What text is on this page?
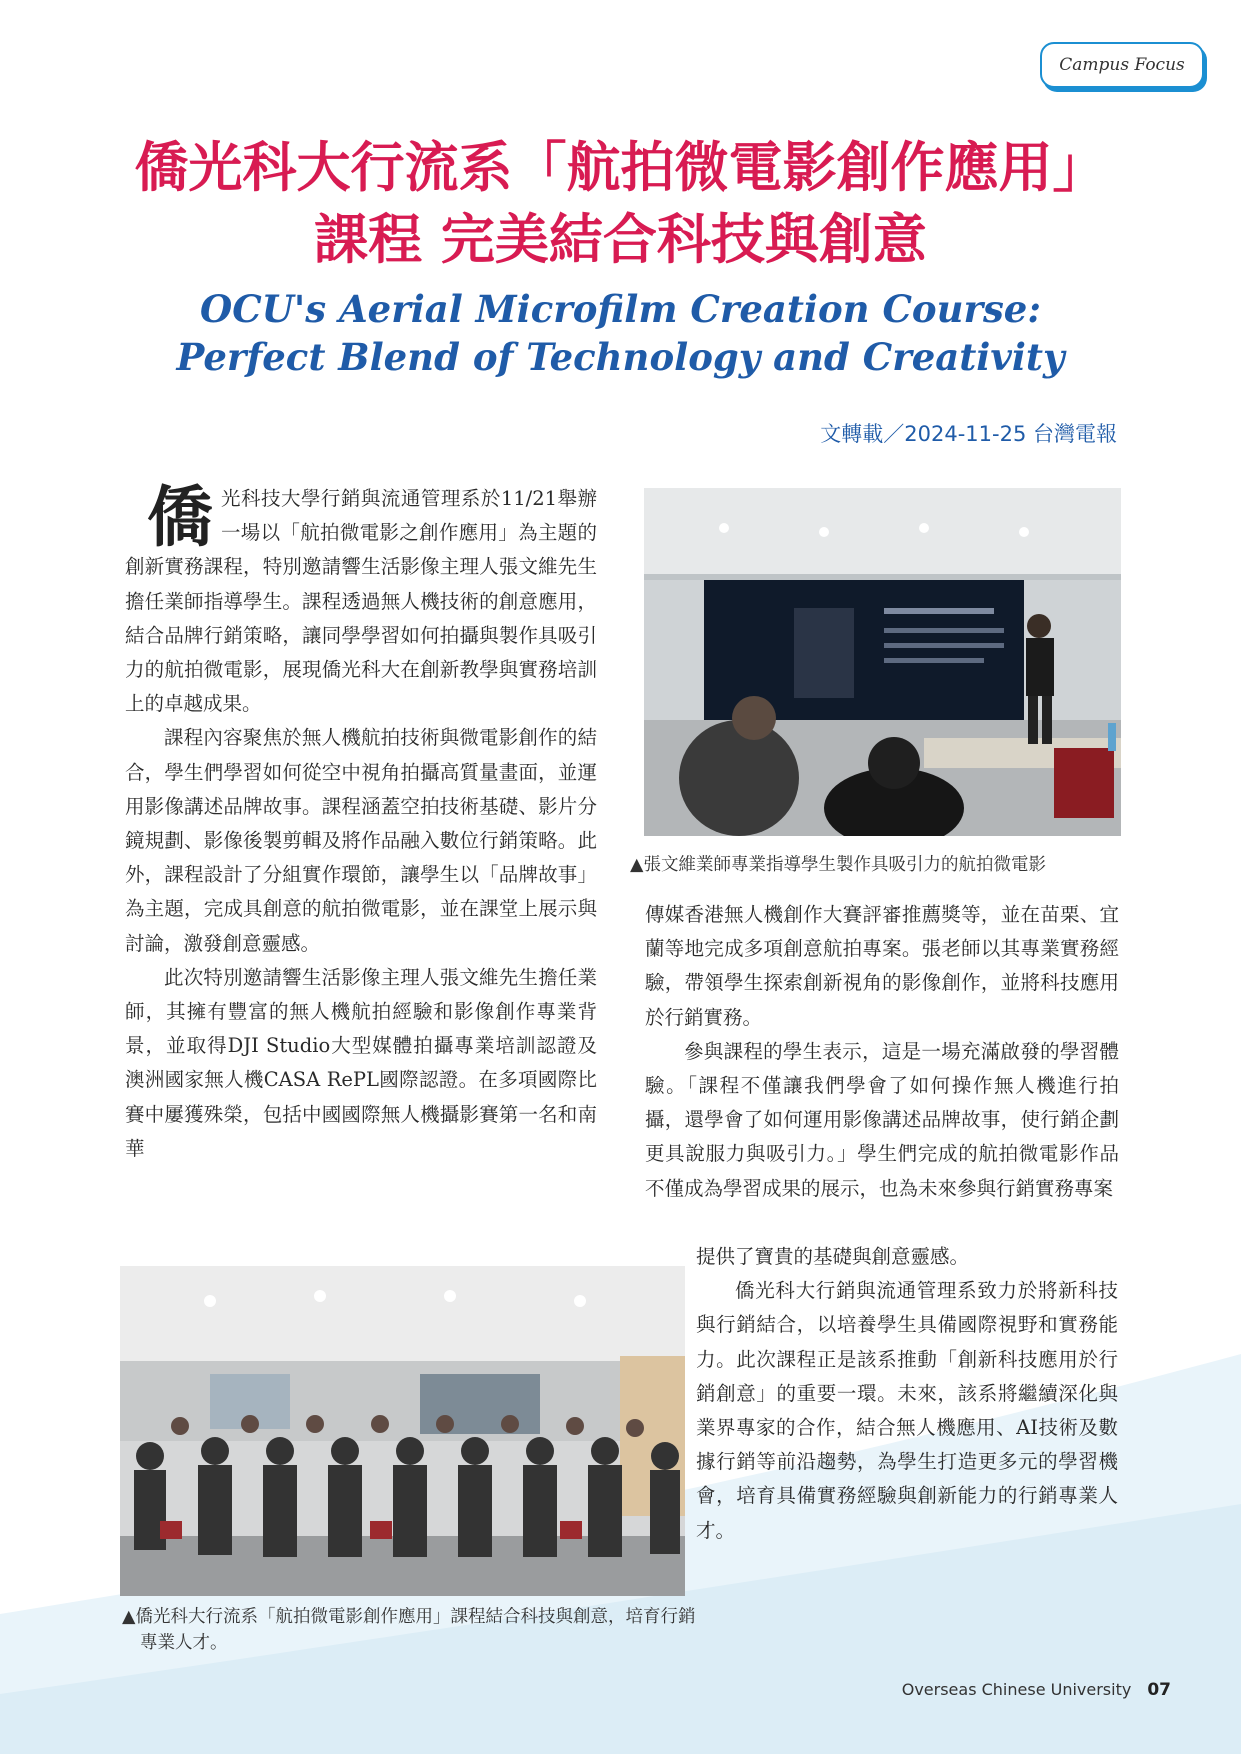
Campus Focus
僑光科大行流系「航拍微電影創作應用」
課程 完美結合科技與創意
OCU's Aerial Microfilm Creation Course:
Perfect Blend of Technology and Creativity
文轉載／2024-11-25 台灣電報

僑光科技大學行銷與流通管理系於11/21舉辦一場以「航拍微電影之創作應用」為主題的創新實務課程，特別邀請響生活影像主理人張文維先生擔任業師指導學生。課程透過無人機技術的創意應用，結合品牌行銷策略，讓同學學習如何拍攝與製作具吸引力的航拍微電影，展現僑光科大在創新教學與實務培訓上的卓越成果。

課程內容聚焦於無人機航拍技術與微電影創作的結合，學生們學習如何從空中視角拍攝高質量畫面，並運用影像講述品牌故事。課程涵蓋空拍技術基礎、影片分鏡規劃、影像後製剪輯及將作品融入數位行銷策略。此外，課程設計了分組實作環節，讓學生以「品牌故事」為主題，完成具創意的航拍微電影，並在課堂上展示與討論，激發創意靈感。

此次特別邀請響生活影像主理人張文維先生擔任業師，其擁有豐富的無人機航拍經驗和影像創作專業背景，並取得DJI Studio大型媒體拍攝專業培訓認證及澳洲國家無人機CASA RePL國際認證。在多項國際比賽中屢獲殊榮，包括中國國際無人機攝影賽第一名和南華

▲張文維業師專業指導學生製作具吸引力的航拍微電影

傳媒香港無人機創作大賽評審推薦獎等，並在苗栗、宜蘭等地完成多項創意航拍專案。張老師以其專業實務經驗，帶領學生探索創新視角的影像創作，並將科技應用於行銷實務。

參與課程的學生表示，這是一場充滿啟發的學習體驗。「課程不僅讓我們學會了如何操作無人機進行拍攝，還學會了如何運用影像講述品牌故事，使行銷企劃更具說服力與吸引力。」學生們完成的航拍微電影作品不僅成為學習成果的展示，也為未來參與行銷實務專案

提供了寶貴的基礎與創意靈感。

僑光科大行銷與流通管理系致力於將新科技與行銷結合，以培養學生具備國際視野和實務能力。此次課程正是該系推動「創新科技應用於行銷創意」的重要一環。未來，該系將繼續深化與業界專家的合作，結合無人機應用、AI技術及數據行銷等前沿趨勢，為學生打造更多元的學習機會，培育具備實務經驗與創新能力的行銷專業人才。

▲僑光科大行流系「航拍微電影創作應用」課程結合科技與創意，培育行銷專業人才。
Overseas Chinese University 07
